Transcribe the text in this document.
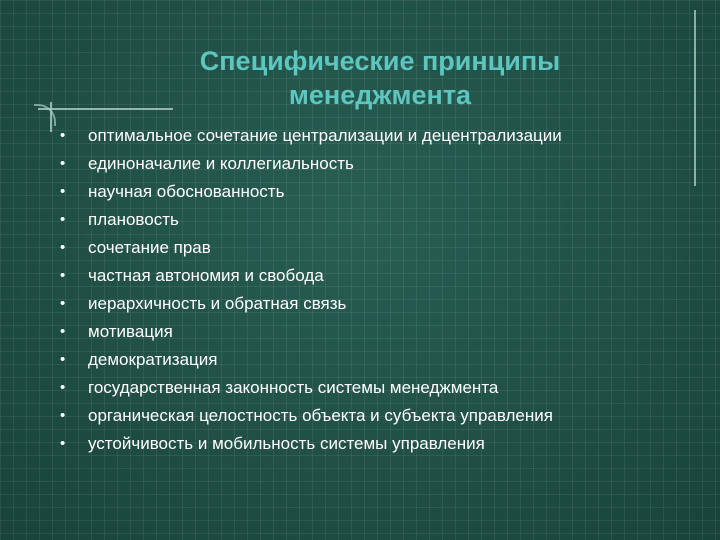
Специфические принципы
менеджмента
• оптимальное сочетание централизации и децентрализации
• единоначалие и коллегиальность
• научная обоснованность
• плановость
• сочетание прав
• частная автономия и свобода
• иерархичность и обратная связь
• мотивация
• демократизация
• государственная законность системы менеджмента
• органическая целостность объекта и субъекта управления
• устойчивость и мобильность системы управления
